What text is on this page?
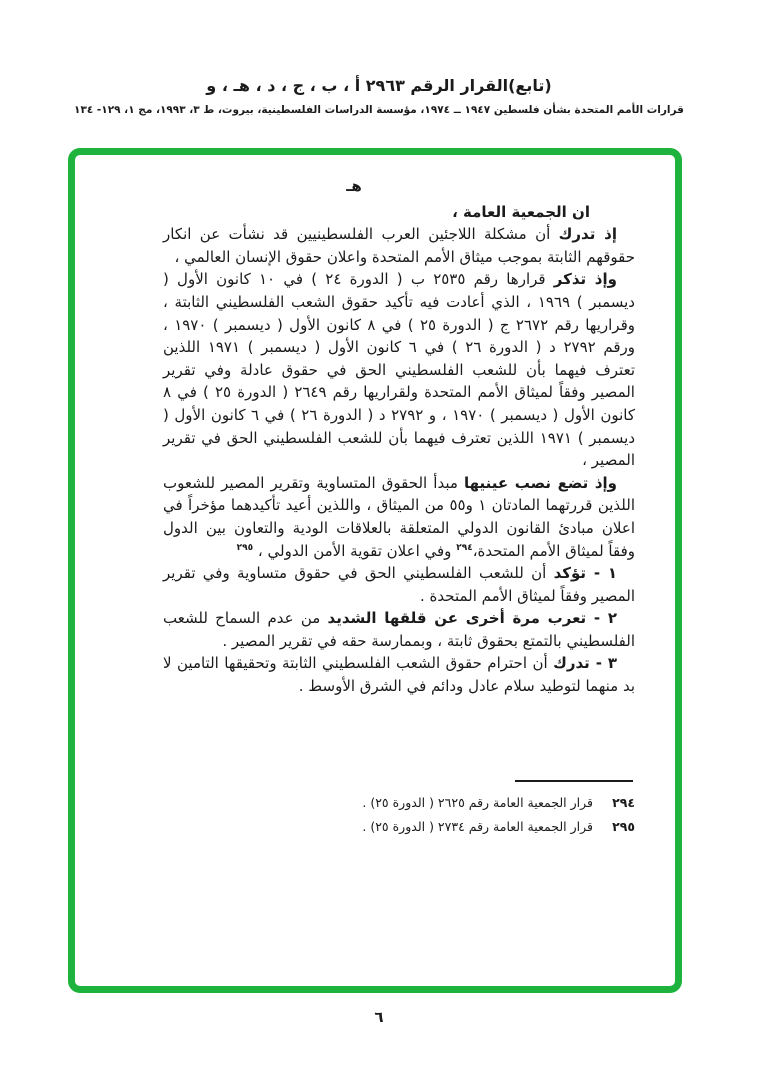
(تابع)القرار الرقم ٢٩٦٣ أ ، ب ، ج ، د ، هـ ، و
قرارات الأمم المتحدة بشأن فلسطين ١٩٤٧ ــ ١٩٧٤، مؤسسة الدراسات الفلسطينية، بيروت، ط ٣، ١٩٩٣، مج ١، ١٢٩- ١٣٤
هـ

ان الجمعية العامة ،

إذ تدرك أن مشكلة اللاجئين العرب الفلسطينيين قد نشأت عن انكار حقوقهم الثابتة بموجب ميثاق الأمم المتحدة واعلان حقوق الإنسان العالمي ،

وإذ تذكر قرارها رقم ٢٥٣٥ ب ( الدورة ٢٤ ) في ١٠ كانون الأول ( ديسمبر ) ١٩٦٩ ، الذي أعادت فيه تأكيد حقوق الشعب الفلسطيني الثابتة ، وقراريها رقم ٢٦٧٢ ج ( الدورة ٢٥ ) في ٨ كانون الأول ( ديسمبر ) ١٩٧٠ ، ورقم ٢٧٩٢ د ( الدورة ٢٦ ) في ٦ كانون الأول ( ديسمبر ) ١٩٧١ اللذين تعترف فيهما بأن للشعب الفلسطيني الحق في حقوق عادلة وفي تقرير المصير وفقاً لميثاق الأمم المتحدة ولقراريها رقم ٢٦٤٩ ( الدورة ٢٥ ) في ٨ كانون الأول ( ديسمبر ) ١٩٧٠ ، و ٢٧٩٢ د ( الدورة ٢٦ ) في ٦ كانون الأول ( ديسمبر ) ١٩٧١ اللذين تعترف فيهما بأن للشعب الفلسطيني الحق في تقرير المصير ،

وإذ تضع نصب عينيها مبدأ الحقوق المتساوية وتقرير المصير للشعوب اللذين قررتهما المادتان ١ و٥٥ من الميثاق ، واللذين أعيد تأكيدهما مؤخراً في اعلان مبادئ القانون الدولي المتعلقة بالعلاقات الودية والتعاون بين الدول وفقاً لميثاق الأمم المتحدة،$^{٢٩٤}$ وفي اعلان تقوية الأمن الدولي ، $^{٢٩٥}$

١ - تؤكد أن للشعب الفلسطيني الحق في حقوق متساوية وفي تقرير المصير وفقاً لميثاق الأمم المتحدة .

٢ - تعرب مرة أخرى عن قلقها الشديد من عدم السماح للشعب الفلسطيني بالتمتع بحقوق ثابتة ، وبممارسة حقه في تقرير المصير .

٣ - تدرك أن احترام حقوق الشعب الفلسطيني الثابتة وتحقيقها التامين لا بد منهما لتوطيد سلام عادل ودائم في الشرق الأوسط .

٢٩٤
قرار الجمعية العامة رقم ٢٦٢٥ ( الدورة ٢٥) .
٢٩٥
قرار الجمعية العامة رقم ٢٧٣٤ ( الدورة ٢٥) .
٦
